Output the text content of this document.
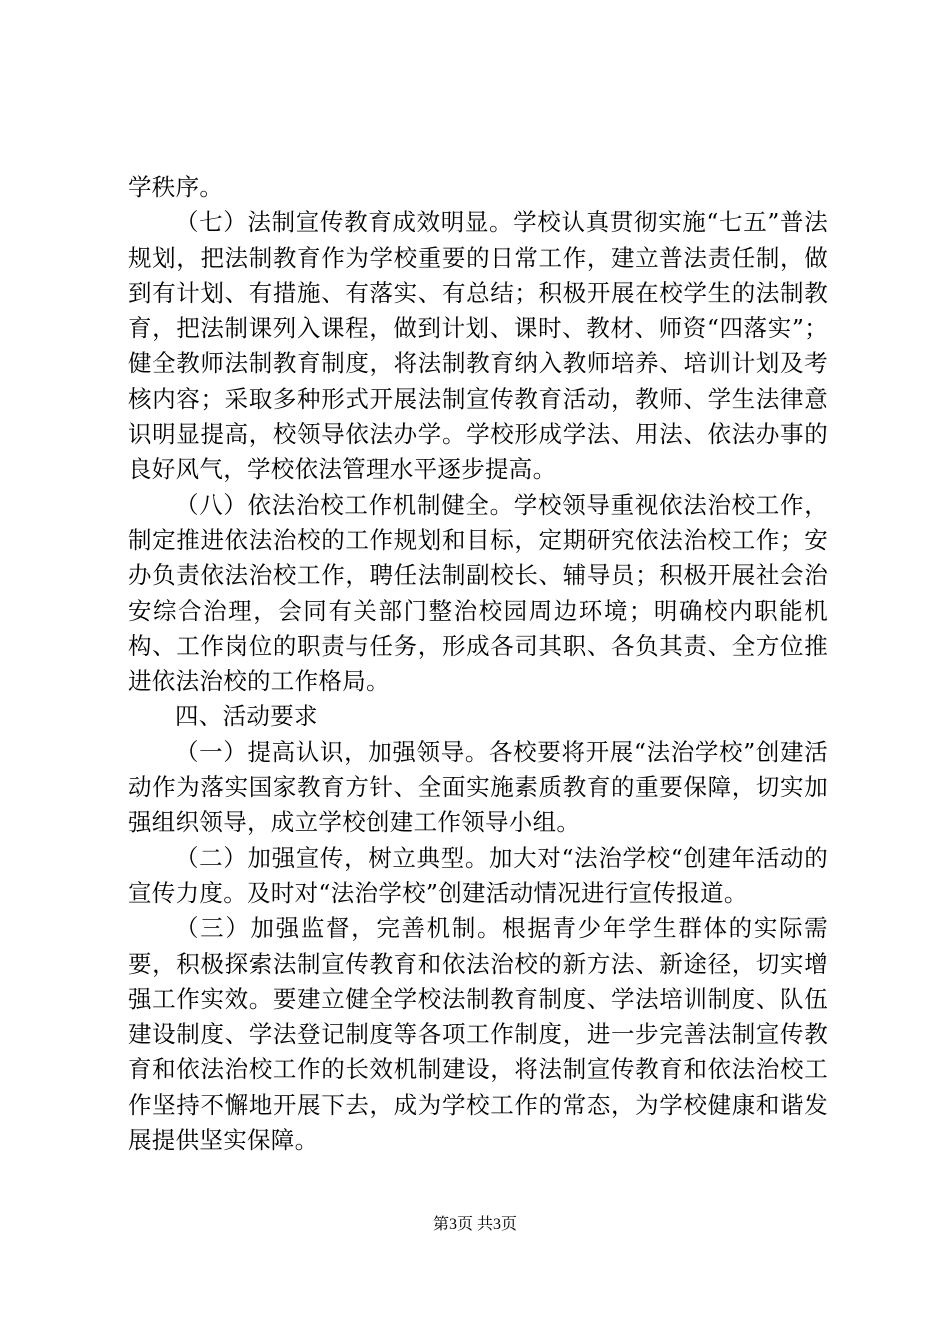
学秩序。

（七）法制宣传教育成效明显。学校认真贯彻实施“七五”普法规划，把法制教育作为学校重要的日常工作，建立普法责任制，做到有计划、有措施、有落实、有总结；积极开展在校学生的法制教育，把法制课列入课程，做到计划、课时、教材、师资“四落实”；健全教师法制教育制度，将法制教育纳入教师培养、培训计划及考核内容；采取多种形式开展法制宣传教育活动，教师、学生法律意识明显提高，校领导依法办学。学校形成学法、用法、依法办事的良好风气，学校依法管理水平逐步提高。

（八）依法治校工作机制健全。学校领导重视依法治校工作，制定推进依法治校的工作规划和目标，定期研究依法治校工作；安办负责依法治校工作，聘任法制副校长、辅导员；积极开展社会治安综合治理，会同有关部门整治校园周边环境；明确校内职能机构、工作岗位的职责与任务，形成各司其职、各负其责、全方位推进依法治校的工作格局。

四、活动要求

（一）提高认识，加强领导。各校要将开展“法治学校”创建活动作为落实国家教育方针、全面实施素质教育的重要保障，切实加强组织领导，成立学校创建工作领导小组。

（二）加强宣传，树立典型。加大对“法治学校“创建年活动的宣传力度。及时对“法治学校”创建活动情况进行宣传报道。

（三）加强监督，完善机制。根据青少年学生群体的实际需要，积极探索法制宣传教育和依法治校的新方法、新途径，切实增强工作实效。要建立健全学校法制教育制度、学法培训制度、队伍建设制度、学法登记制度等各项工作制度，进一步完善法制宣传教育和依法治校工作的长效机制建设，将法制宣传教育和依法治校工作坚持不懈地开展下去，成为学校工作的常态，为学校健康和谐发展提供坚实保障。

第3页 共3页
